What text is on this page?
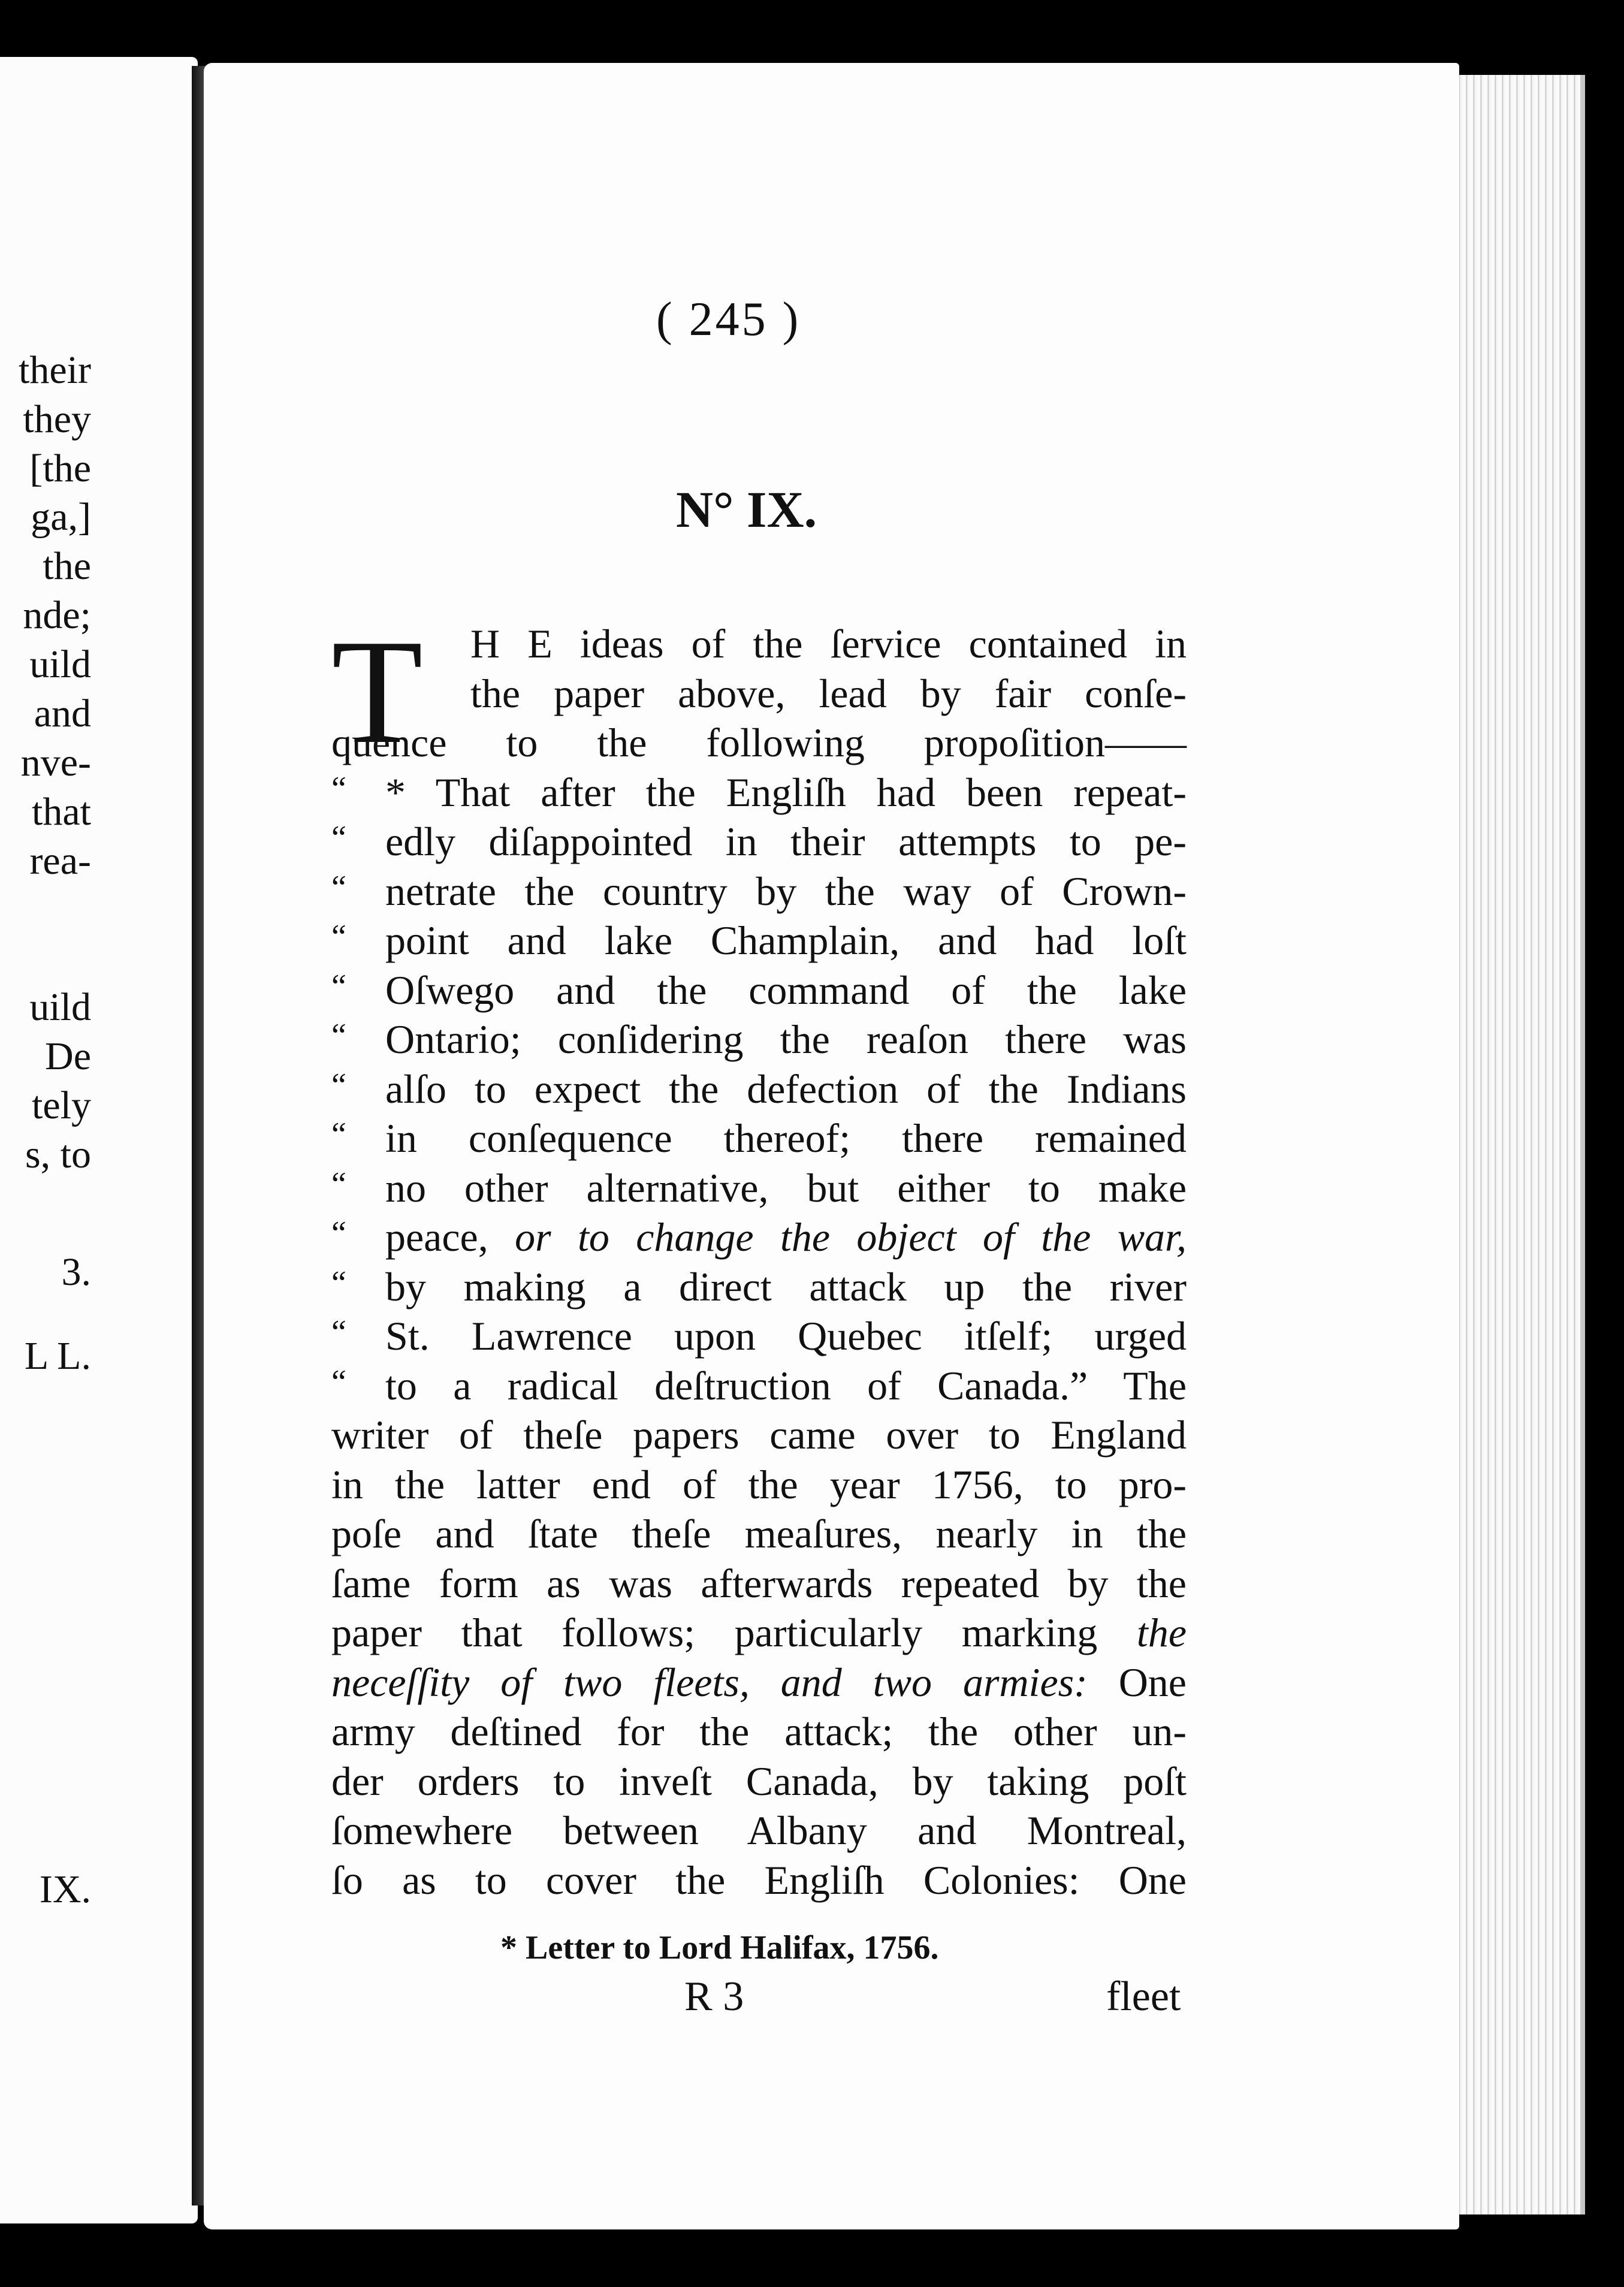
their
they
[the
ga,]
the
nde;
uild
and
nve-
that
rea-
uild
De
tely
s, to
3.
L L.
IX.
( 245 )
N° IX.
T H E ideas of the ſervice contained in
the paper above, lead by fair conſe-
quence to the following propoſition——
* That after the Engliſh had been repeat-
“
edly diſappointed in their attempts to pe-
“
netrate the country by the way of Crown-
“
point and lake Champlain, and had loſt
“
Oſwego and the command of the lake
“
Ontario; conſidering the reaſon there was
“
alſo to expect the defection of the Indians
“
in conſequence thereof; there remained
“
no other alternative, but either to make
“
peace, or to change the object of the war,
“
by making a direct attack up the river
“
St. Lawrence upon Quebec itſelf; urged
“
to a radical deſtruction of Canada.” The
“
writer of theſe papers came over to England
in the latter end of the year 1756, to pro-
poſe and ſtate theſe meaſures, nearly in the
ſame form as was afterwards repeated by the
paper that follows; particularly marking the
neceſſity of two fleets, and two armies: One
army deſtined for the attack; the other un-
der orders to inveſt Canada, by taking poſt
ſomewhere between Albany and Montreal,
ſo as to cover the Engliſh Colonies: One
* Letter to Lord Halifax, 1756.
R 3	fleet
